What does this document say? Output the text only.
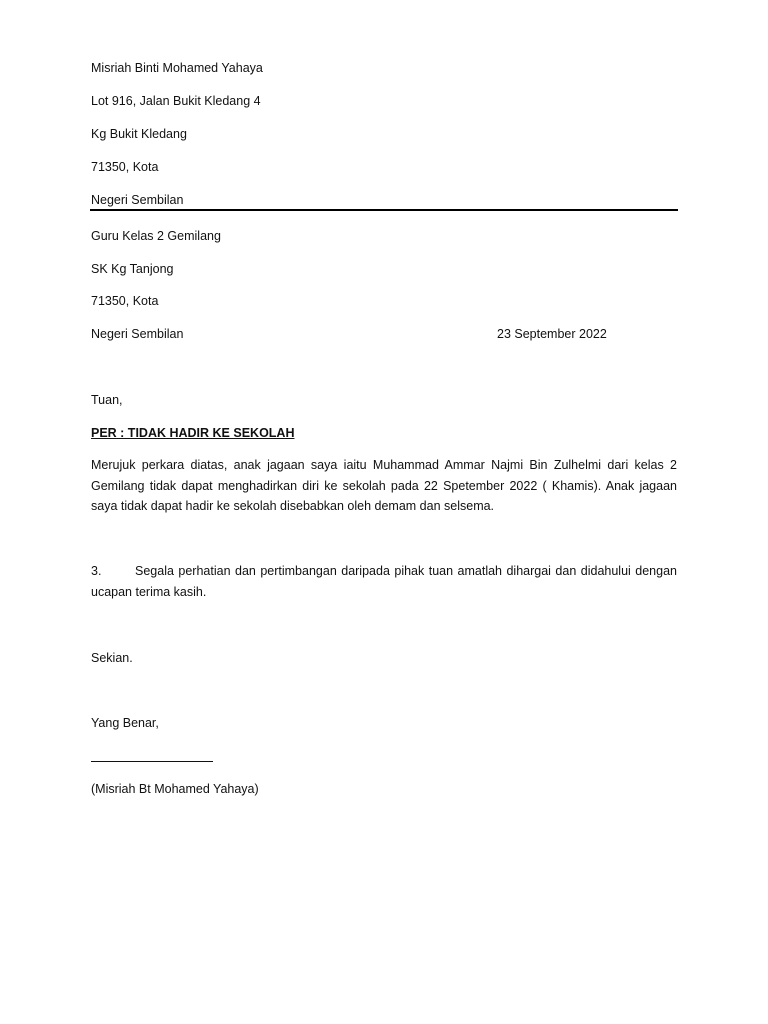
Misriah Binti Mohamed Yahaya
Lot 916, Jalan Bukit Kledang 4
Kg Bukit Kledang
71350, Kota
Negeri Sembilan
Guru Kelas 2 Gemilang
SK Kg Tanjong
71350, Kota
Negeri Sembilan	23 September 2022
Tuan,
PER : TIDAK HADIR KE SEKOLAH
Merujuk perkara diatas, anak jagaan saya iaitu Muhammad Ammar Najmi Bin Zulhelmi dari kelas 2 Gemilang tidak dapat menghadirkan diri ke sekolah pada 22 Spetember 2022 ( Khamis). Anak jagaan saya tidak dapat hadir ke sekolah disebabkan oleh demam dan selsema.
3.	Segala perhatian dan pertimbangan daripada pihak tuan amatlah dihargai dan didahului dengan ucapan terima kasih.
Sekian.
Yang Benar,
(Misriah Bt Mohamed Yahaya)
